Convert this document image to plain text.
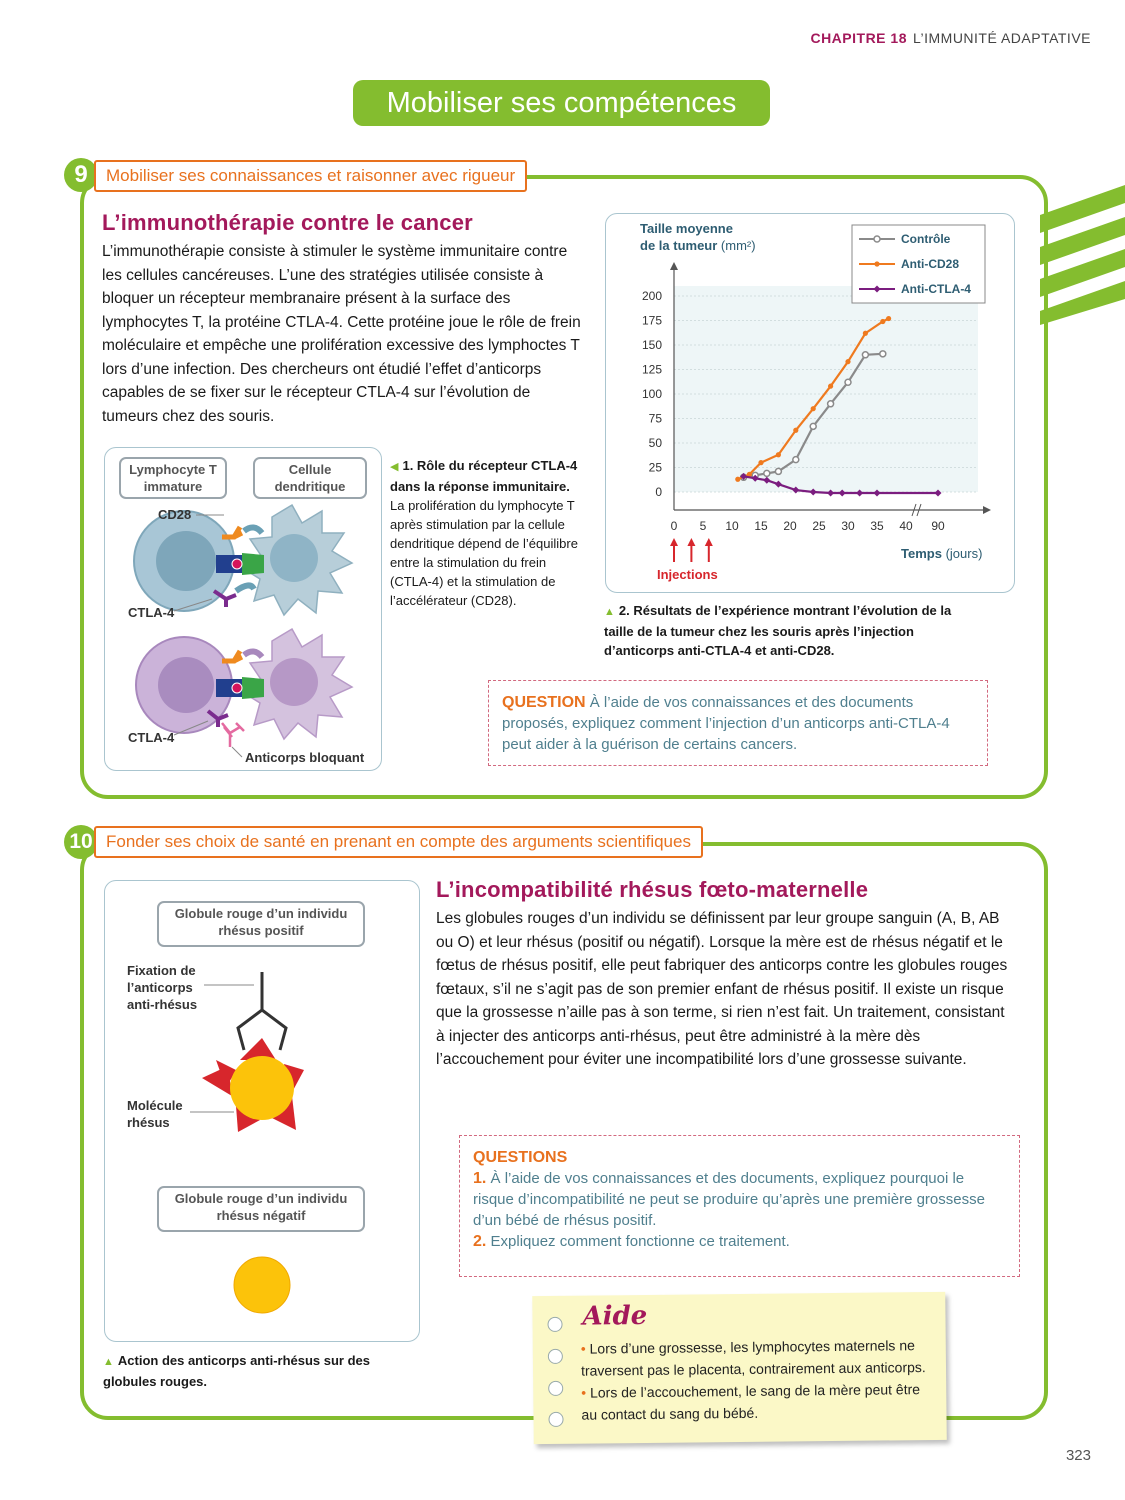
CHAPITRE 18 L’IMMUNITÉ ADAPTATIVE
Mobiliser ses compétences
9	Mobiliser ses connaissances et raisonner avec rigueur
L’immunothérapie contre le cancer
L’immunothérapie consiste à stimuler le système immunitaire contre les cellules cancéreuses. L’une des stratégies utilisée consiste à bloquer un récepteur membranaire présent à la surface des lymphocytes T, la protéine CTLA-4. Cette protéine joue le rôle de frein moléculaire et empêche une prolifération excessive des lymphoctes T lors d’une infection. Des chercheurs ont étudié l’effet d’anticorps capables de se fixer sur le récepteur CTLA-4 sur l’évolution de tumeurs chez des souris.
Lymphocyte T immature
Cellule dendritique
CD28
CTLA-4
CTLA-4
Anticorps bloquant
◀ 1. Rôle du récepteur CTLA-4 dans la réponse immunitaire. La prolifération du lymphocyte T après stimulation par la cellule dendritique dépend de l’équilibre entre la stimulation du frein (CTLA-4) et la stimulation de l’accélérateur (CD28).
200
175
150
125
100
75
50
25
0
0 5 10 15 20 25 30 35 40 90
Taille moyenne
de la tumeur (mm²)
Temps (jours)
Injections
Contrôle
Anti-CD28
Anti-CTLA-4
▲ 2. Résultats de l’expérience montrant l’évolution de la taille de la tumeur chez les souris après l’injection d’anticorps anti-CTLA-4 et anti-CD28.
QUESTION À l’aide de vos connaissances et des documents proposés, expliquez comment l’injection d’un anticorps anti-CTLA-4 peut aider à la guérison de certains cancers.
10 Fonder ses choix de santé en prenant en compte des arguments scientifiques
Globule rouge d’un individu rhésus positif
Fixation de l’anticorps anti-rhésus
Molécule rhésus
Globule rouge d’un individu rhésus négatif
▲ Action des anticorps anti-rhésus sur des globules rouges.
L’incompatibilité rhésus fœto-maternelle
Les globules rouges d’un individu se définissent par leur groupe sanguin (A, B, AB ou O) et leur rhésus (positif ou négatif). Lorsque la mère est de rhésus négatif et le fœtus de rhésus positif, elle peut fabriquer des anticorps contre les globules rouges fœtaux, s’il ne s’agit pas de son premier enfant de rhésus positif. Il existe un risque que la grossesse n’aille pas à son terme, si rien n’est fait. Un traitement, consistant à injecter des anticorps anti-rhésus, peut être administré à la mère dès l’accouchement pour éviter une incompatibilité lors d’une grossesse suivante.
QUESTIONS
1. À l’aide de vos connaissances et des documents, expliquez pourquoi le risque d’incompatibilité ne peut se produire qu’après une première grossesse d’un bébé de rhésus positif.
2. Expliquez comment fonctionne ce traitement.
Aide
• Lors d’une grossesse, les lymphocytes maternels ne traversent pas le placenta, contrairement aux anticorps.
• Lors de l’accouchement, le sang de la mère peut être au contact du sang du bébé.
323
